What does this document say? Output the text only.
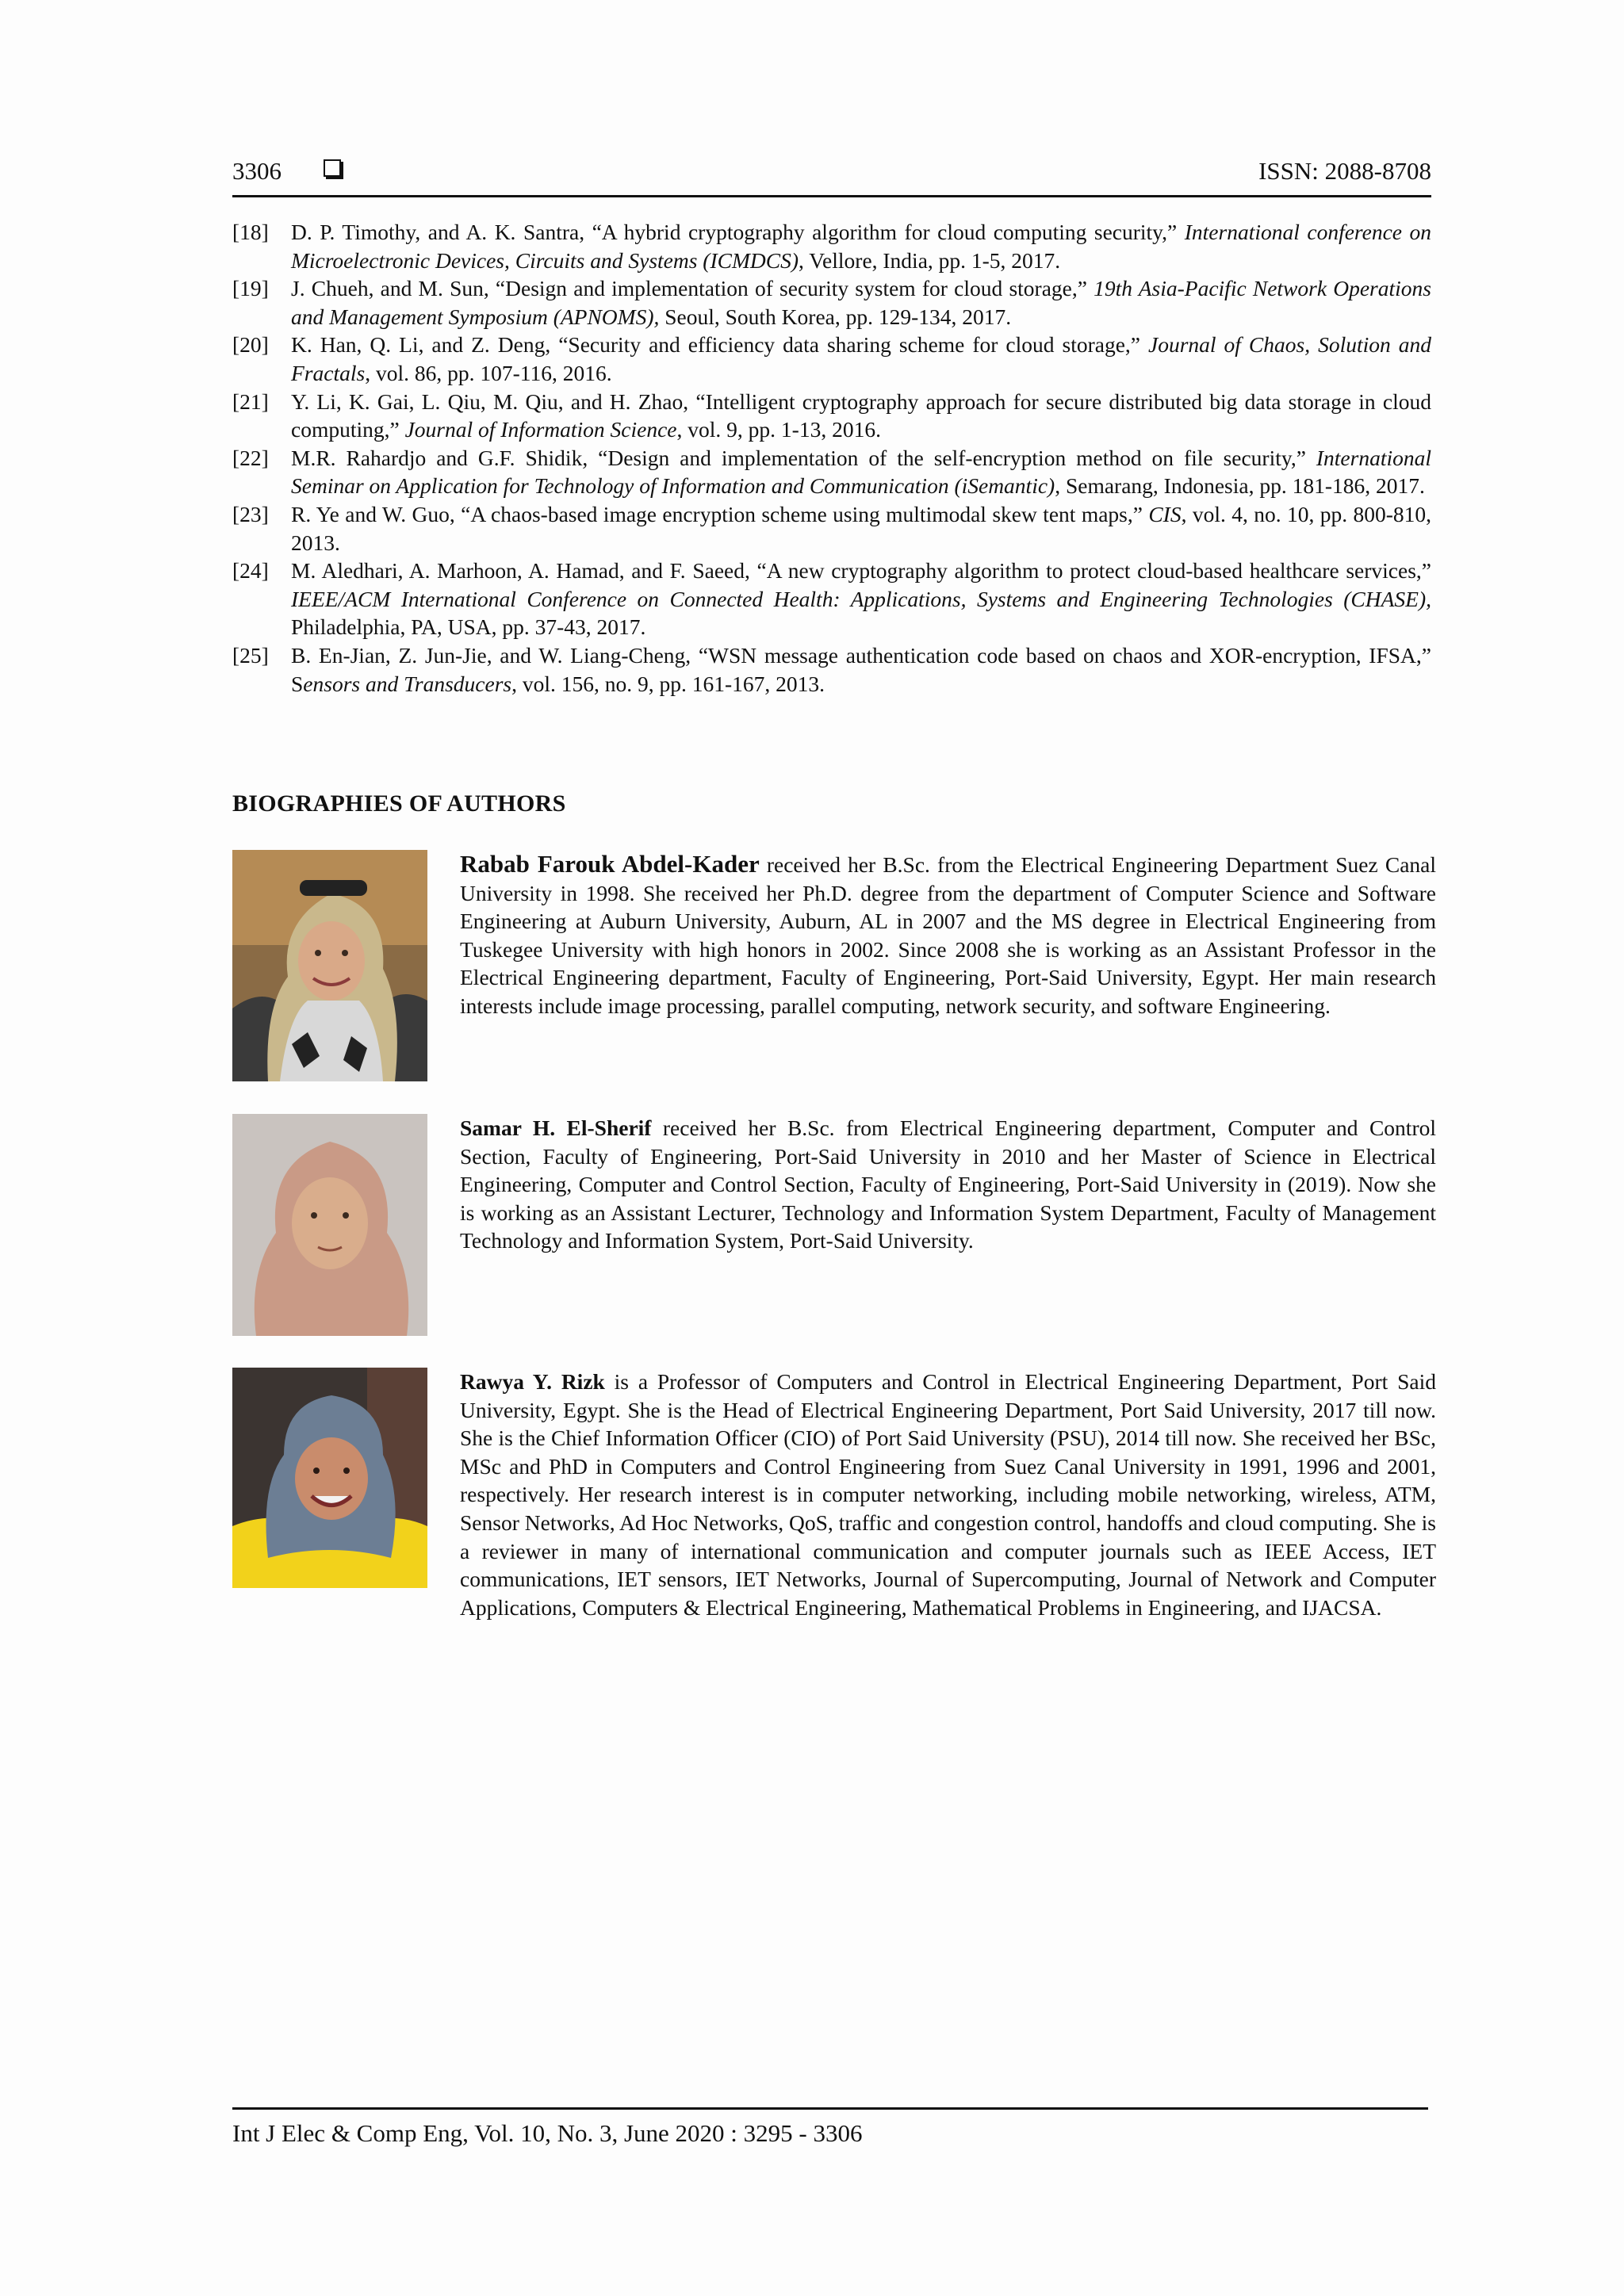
3306	ISSN: 2088-8708
[18]	D. P. Timothy, and A. K. Santra, “A hybrid cryptography algorithm for cloud computing security,” International conference on Microelectronic Devices, Circuits and Systems (ICMDCS), Vellore, India, pp. 1-5, 2017.
[19]	J. Chueh, and M. Sun, “Design and implementation of security system for cloud storage,” 19th Asia-Pacific Network Operations and Management Symposium (APNOMS), Seoul, South Korea, pp. 129-134, 2017.
[20]	K. Han, Q. Li, and Z. Deng, “Security and efficiency data sharing scheme for cloud storage,” Journal of Chaos, Solution and Fractals, vol. 86, pp. 107-116, 2016.
[21]	Y. Li, K. Gai, L. Qiu, M. Qiu, and H. Zhao, “Intelligent cryptography approach for secure distributed big data storage in cloud computing,” Journal of Information Science, vol. 9, pp. 1-13, 2016.
[22]	M.R. Rahardjo and G.F. Shidik, “Design and implementation of the self-encryption method on file security,” International Seminar on Application for Technology of Information and Communication (iSemantic), Semarang, Indonesia, pp. 181-186, 2017.
[23]	R. Ye and W. Guo, “A chaos-based image encryption scheme using multimodal skew tent maps,” CIS, vol. 4, no. 10, pp. 800-810, 2013.
[24]	M. Aledhari, A. Marhoon, A. Hamad, and F. Saeed, “A new cryptography algorithm to protect cloud-based healthcare services,” IEEE/ACM International Conference on Connected Health: Applications, Systems and Engineering Technologies (CHASE), Philadelphia, PA, USA, pp. 37-43, 2017.
[25]	B. En-Jian, Z. Jun-Jie, and W. Liang-Cheng, “WSN message authentication code based on chaos and XOR-encryption, IFSA,” Sensors and Transducers, vol. 156, no. 9, pp. 161-167, 2013.
BIOGRAPHIES OF AUTHORS
Rabab Farouk Abdel-Kader received her B.Sc. from the Electrical Engineering Department Suez Canal University in 1998. She received her Ph.D. degree from the department of Computer Science and Software Engineering at Auburn University, Auburn, AL in 2007 and the MS degree in Electrical Engineering from Tuskegee University with high honors in 2002. Since 2008 she is working as an Assistant Professor in the Electrical Engineering department, Faculty of Engineering, Port-Said University, Egypt. Her main research interests include image processing, parallel computing, network security, and software Engineering.
Samar H. El-Sherif received her B.Sc. from Electrical Engineering department, Computer and Control Section, Faculty of Engineering, Port-Said University in 2010 and her Master of Science in Electrical Engineering, Computer and Control Section, Faculty of Engineering, Port-Said University in (2019). Now she is working as an Assistant Lecturer, Technology and Information System Department, Faculty of Management Technology and Information System, Port-Said University.
Rawya Y. Rizk is a Professor of Computers and Control in Electrical Engineering Department, Port Said University, Egypt. She is the Head of Electrical Engineering Department, Port Said University, 2017 till now. She is the Chief Information Officer (CIO) of Port Said University (PSU), 2014 till now. She received her BSc, MSc and PhD in Computers and Control Engineering from Suez Canal University in 1991, 1996 and 2001, respectively. Her research interest is in computer networking, including mobile networking, wireless, ATM, Sensor Networks, Ad Hoc Networks, QoS, traffic and congestion control, handoffs and cloud computing. She is a reviewer in many of international communication and computer journals such as IEEE Access, IET communications, IET sensors, IET Networks, Journal of Supercomputing, Journal of Network and Computer Applications, Computers & Electrical Engineering, Mathematical Problems in Engineering, and IJACSA.
Int J Elec & Comp Eng, Vol. 10, No. 3, June 2020 : 3295 - 3306
